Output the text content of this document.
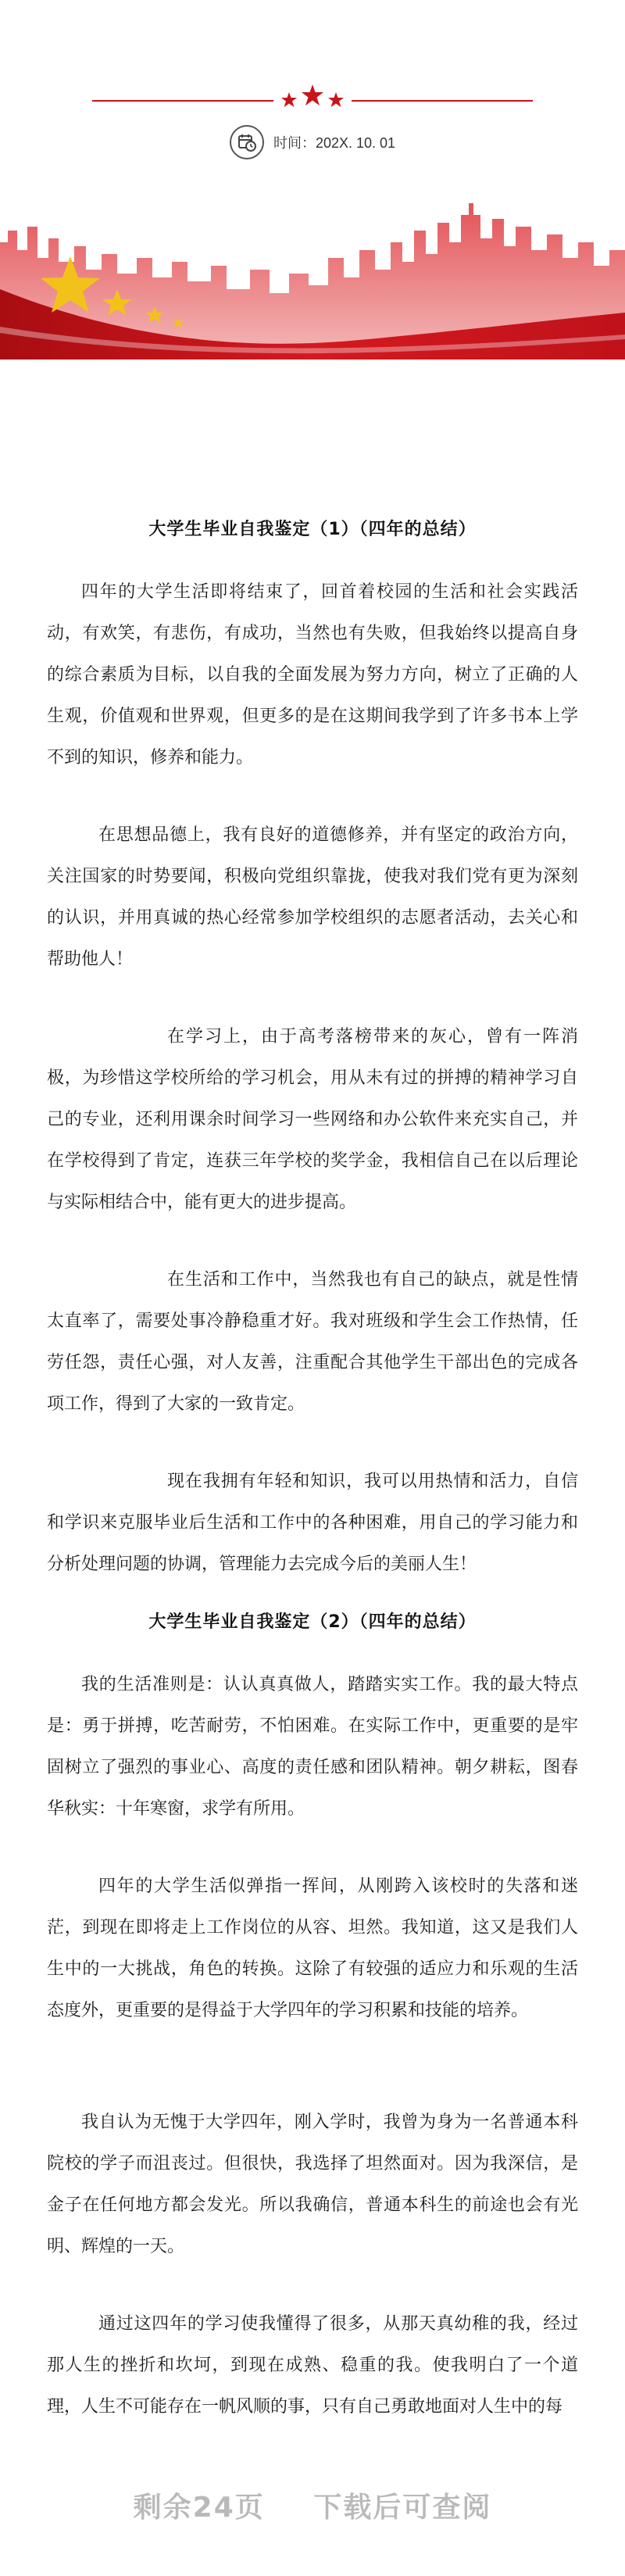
时间：202X. 10. 01
大学生毕业自我鉴定（1）（四年的总结）

四年的大学生活即将结束了，回首着校园的生活和社会实践活动，有欢笑，有悲伤，有成功，当然也有失败，但我始终以提高自身的综合素质为目标，以自我的全面发展为努力方向，树立了正确的人生观，价值观和世界观，但更多的是在这期间我学到了许多书本上学不到的知识，修养和能力。

在思想品德上，我有良好的道德修养，并有坚定的政治方向，关注国家的时势要闻，积极向党组织靠拢，使我对我们党有更为深刻的认识，并用真诚的热心经常参加学校组织的志愿者活动，去关心和帮助他人！

在学习上，由于高考落榜带来的灰心，曾有一阵消极，为珍惜这学校所给的学习机会，用从未有过的拼搏的精神学习自己的专业，还利用课余时间学习一些网络和办公软件来充实自己，并在学校得到了肯定，连获三年学校的奖学金，我相信自己在以后理论与实际相结合中，能有更大的进步提高。

在生活和工作中，当然我也有自己的缺点，就是性情太直率了，需要处事冷静稳重才好。我对班级和学生会工作热情，任劳任怨，责任心强，对人友善，注重配合其他学生干部出色的完成各项工作，得到了大家的一致肯定。

现在我拥有年轻和知识，我可以用热情和活力，自信和学识来克服毕业后生活和工作中的各种困难，用自己的学习能力和分析处理问题的协调，管理能力去完成今后的美丽人生！

大学生毕业自我鉴定（2）（四年的总结）

我的生活准则是：认认真真做人，踏踏实实工作。我的最大特点是：勇于拼搏，吃苦耐劳，不怕困难。在实际工作中，更重要的是牢固树立了强烈的事业心、高度的责任感和团队精神。朝夕耕耘，图春华秋实：十年寒窗，求学有所用。

四年的大学生活似弹指一挥间，从刚跨入该校时的失落和迷茫，到现在即将走上工作岗位的从容、坦然。我知道，这又是我们人生中的一大挑战，角色的转换。这除了有较强的适应力和乐观的生活态度外，更重要的是得益于大学四年的学习积累和技能的培养。

我自认为无愧于大学四年，刚入学时，我曾为身为一名普通本科院校的学子而沮丧过。但很快，我选择了坦然面对。因为我深信，是金子在任何地方都会发光。所以我确信，普通本科生的前途也会有光明、辉煌的一天。

通过这四年的学习使我懂得了很多，从那天真幼稚的我，经过那人生的挫折和坎坷，到现在成熟、稳重的我。使我明白了一个道理，人生不可能存在一帆风顺的事，只有自己勇敢地面对人生中的每

剩余24页 下载后可查阅
